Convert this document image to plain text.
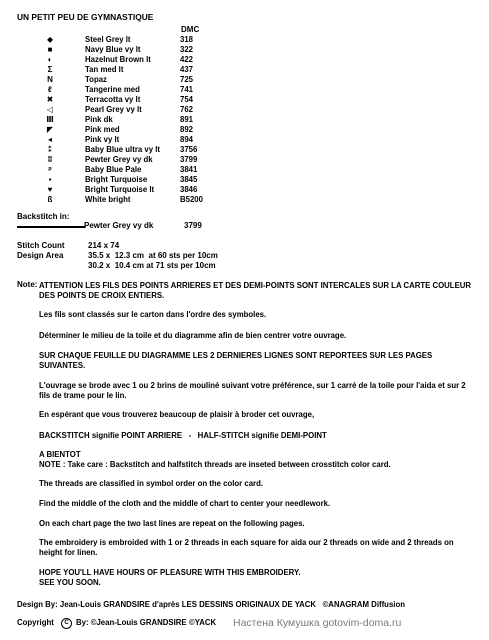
UN PETIT PEU DE GYMNASTIQUE
DMC
⬥	Steel Grey lt	318
■	Navy Blue vy lt	322
◐	Hazelnut Brown lt	422
Σ	Tan med lt	437
N	Topaz	725
ℓ	Tangerine med	741
✖	Terracotta vy lt	754
◁	Pearl Grey vy lt	762
Ⅲ	Pink dk	891
◤	Pink med	892
◂	Pink vy lt	894
⁑	Baby Blue ultra vy lt	3756
ʬ	Pewter Grey vy dk	3799
ᵖ	Baby Blue Pale	3841
▪	Bright Turquoise	3845
♥	Bright Turquoise lt	3846
ß	White bright	B5200
Backstitch in:
Pewter Grey vy dk	3799
Stitch Count	214 x 74
Design Area	35.5 x  12.3 cm  at 60 sts per 10cm
30.2 x  10.4 cm at 71 sts per 10cm
Note: ATTENTION LES FILS DES POINTS ARRIERES ET DES DEMI-POINTS SONT INTERCALES SUR LA CARTE COULEUR DES POINTS DE CROIX ENTIERS.
Les fils sont classés sur le carton dans l'ordre des symboles.
Déterminer le milieu de la toile et du diagramme afin de bien centrer votre ouvrage.
SUR CHAQUE FEUILLE DU DIAGRAMME LES 2 DERNIERES LIGNES SONT REPORTEES SUR LES PAGES SUIVANTES.
L'ouvrage se brode avec 1 ou 2 brins de mouliné suivant votre préférence, sur 1 carré de la toile pour l'aida et sur 2 fils de trame pour le lin.
En espérant que vous trouverez beaucoup de plaisir à broder cet ouvrage,
BACKSTITCH signifie POINT ARRIERE   -   HALF-STITCH signifie DEMI-POINT
A BIENTOT
NOTE : Take care : Backstitch and halfstitch threads are inseted between crosstitch color card.
The threads are classified in symbol order on the color card.
Find the middle of the cloth and the middle of chart to center your needlework.
On each chart page the two last lines are repeat on the following pages.
The embroidery is embroided with 1 or 2 threads in each square for aida our 2 threads on wide and 2 threads on height for linen.
HOPE YOU'LL HAVE HOURS OF PLEASURE WITH THIS EMBROIDERY.
SEE YOU SOON.
Design By: Jean-Louis GRANDSIRE d'après LES DESSINS ORIGINAUX DE YACK   ©ANAGRAM Diffusion
Copyright	C By: ©Jean-Louis GRANDSIRE ©YACK Настена Кумушка gotovim-doma.ru
